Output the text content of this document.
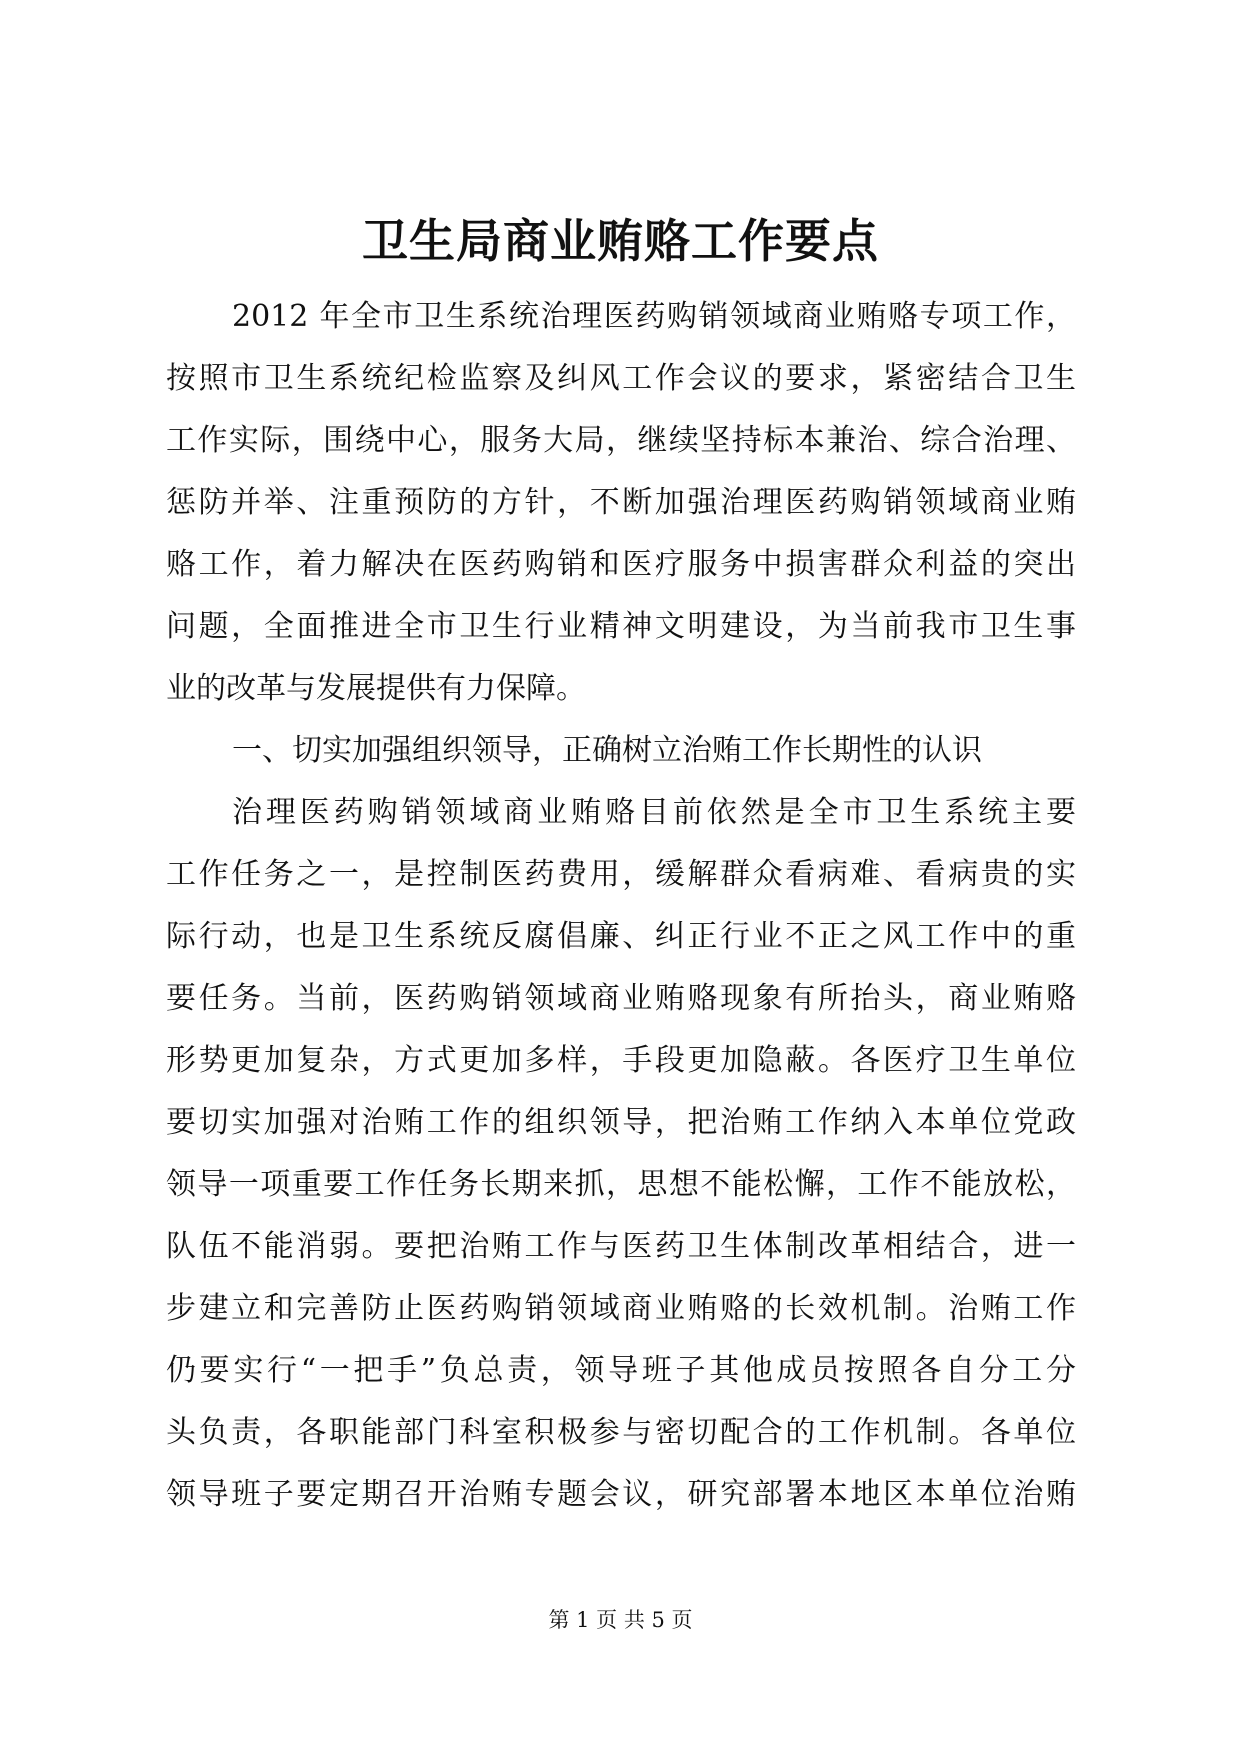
卫生局商业贿赂工作要点
2012 年全市卫生系统治理医药购销领域商业贿赂专项工作，
按照市卫生系统纪检监察及纠风工作会议的要求，紧密结合卫生
工作实际，围绕中心，服务大局，继续坚持标本兼治、综合治理、
惩防并举、注重预防的方针，不断加强治理医药购销领域商业贿
赂工作，着力解决在医药购销和医疗服务中损害群众利益的突出
问题，全面推进全市卫生行业精神文明建设，为当前我市卫生事
业的改革与发展提供有力保障。
一、切实加强组织领导，正确树立治贿工作长期性的认识
治理医药购销领域商业贿赂目前依然是全市卫生系统主要
工作任务之一，是控制医药费用，缓解群众看病难、看病贵的实
际行动，也是卫生系统反腐倡廉、纠正行业不正之风工作中的重
要任务。当前，医药购销领域商业贿赂现象有所抬头，商业贿赂
形势更加复杂，方式更加多样，手段更加隐蔽。各医疗卫生单位
要切实加强对治贿工作的组织领导，把治贿工作纳入本单位党政
领导一项重要工作任务长期来抓，思想不能松懈，工作不能放松，
队伍不能消弱。要把治贿工作与医药卫生体制改革相结合，进一
步建立和完善防止医药购销领域商业贿赂的长效机制。治贿工作
仍要实行“一把手”负总责，领导班子其他成员按照各自分工分
头负责，各职能部门科室积极参与密切配合的工作机制。各单位
领导班子要定期召开治贿专题会议，研究部署本地区本单位治贿
第 1 页 共 5 页
